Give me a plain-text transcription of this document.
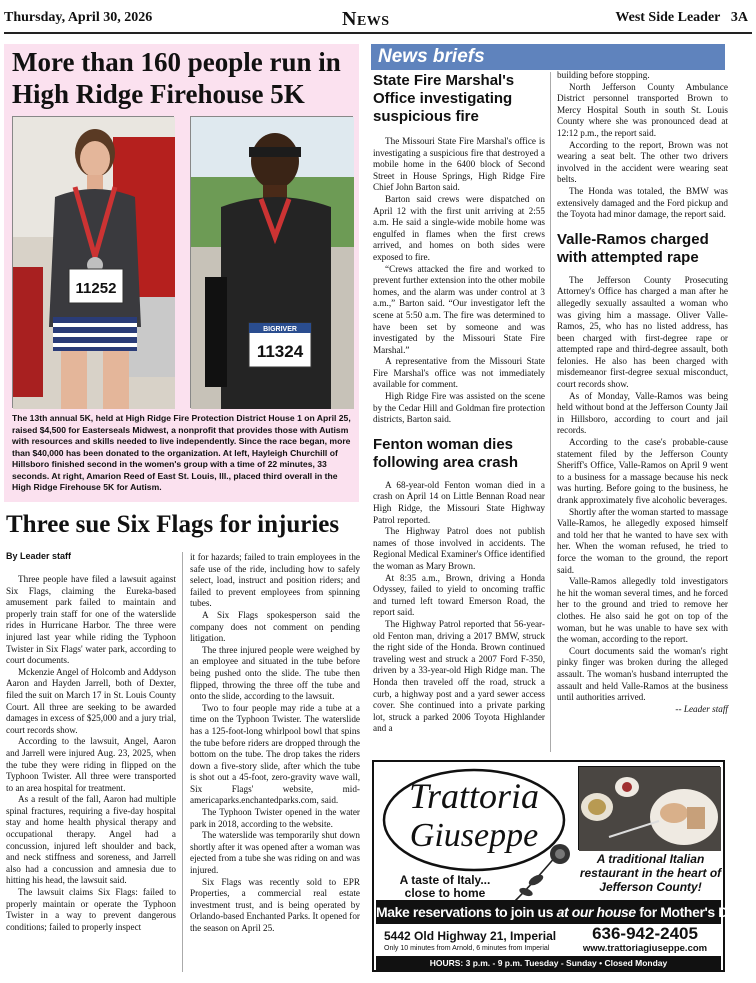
Thursday, April 30, 2026	News	West Side Leader 3A
More than 160 people run in High Ridge Firehouse 5K
11252
BIGRIVER
11324
The 13th annual 5K, held at High Ridge Fire Protection District House 1 on April 25, raised $4,500 for Easterseals Midwest, a nonprofit that provides those with Autism with resources and skills needed to live independently. Since the race began, more than $40,000 has been donated to the organization. At left, Hayleigh Churchill of Hillsboro finished second in the women's group with a time of 22 minutes, 33 seconds. At right, Amarion Reed of East St. Louis, Ill., placed third overall in the High Ridge Firehouse 5K for Autism.
Three sue Six Flags for injuries
By Leader staff

Three people have filed a lawsuit against Six Flags, claiming the Eureka-based amusement park failed to maintain and properly train staff for one of the waterslide rides in Hurricane Harbor. The three were injured last year while riding the Typhoon Twister in Six Flags' water park, according to court documents.

Mckenzie Angel of Holcomb and Addyson Aaron and Hayden Jarrell, both of Dexter, filed the suit on March 17 in St. Louis County Court. All three are seeking to be awarded damages in excess of $25,000 and a jury trial, court records show.

According to the lawsuit, Angel, Aaron and Jarrell were injured Aug. 23, 2025, when the tube they were riding in flipped on the Typhoon Twister. All three were transported to an area hospital for treatment.

As a result of the fall, Aaron had multiple spinal fractures, requiring a five-day hospital stay and home health physical therapy and occupational therapy. Angel had a concussion, injured left shoulder and back, and neck stiffness and soreness, and Jarrell also had a concussion and amnesia due to hitting his head, the lawsuit said.

The lawsuit claims Six Flags: failed to properly maintain or operate the Typhoon Twister in a way to prevent dangerous conditions; failed to properly inspect

it for hazards; failed to train employees in the safe use of the ride, including how to safely select, load, instruct and position riders; and failed to prevent employees from spinning tubes.

A Six Flags spokesperson said the company does not comment on pending litigation.

The three injured people were weighed by an employee and situated in the tube before being pushed onto the slide. The tube then flipped, throwing the three off the tube and onto the slide, according to the lawsuit.

Two to four people may ride a tube at a time on the Typhoon Twister. The waterslide has a 125-foot-long whirlpool bowl that spins the tube before riders are dropped through the bottom on the tube. The drop takes the riders down a five-story slide, after which the tube is shot out a 45-foot, zero-gravity wave wall, Six Flags' website, mid-americaparks.enchantedparks.com, said.

The Typhoon Twister opened in the water park in 2018, according to the website.

The waterslide was temporarily shut down shortly after it was opened after a woman was ejected from a tube she was riding on and was injured.

Six Flags was recently sold to EPR Properties, a commercial real estate investment trust, and is being operated by Orlando-based Enchanted Parks. It opened for the season on April 25.

News briefs
State Fire Marshal's Office investigating suspicious fire

The Missouri State Fire Marshal's office is investigating a suspicious fire that destroyed a mobile home in the 6400 block of Second Street in House Springs, High Ridge Fire Chief John Barton said.

Barton said crews were dispatched on April 12 with the first unit arriving at 2:55 a.m. He said a single-wide mobile home was engulfed in flames when the first crews arrived, and homes on both sides were exposed to fire.

“Crews attacked the fire and worked to prevent further extension into the other mobile homes, and the alarm was under control at 3 a.m.,” Barton said. “Our investigator left the scene at 5:50 a.m. The fire was determined to have been set by someone and was investigated by the Missouri State Fire Marshal.”

A representative from the Missouri State Fire Marshal's office was not immediately available for comment.

High Ridge Fire was assisted on the scene by the Cedar Hill and Goldman fire protection districts, Barton said.

Fenton woman dies following area crash

A 68-year-old Fenton woman died in a crash on April 14 on Little Bennan Road near High Ridge, the Missouri State Highway Patrol reported.

The Highway Patrol does not publish names of those involved in accidents. The Regional Medical Examiner's Office identified the woman as Mary Brown.

At 8:35 a.m., Brown, driving a Honda Odyssey, failed to yield to oncoming traffic and turned left toward Emerson Road, the report said.

The Highway Patrol reported that 56-year-old Fenton man, driving a 2017 BMW, struck the right side of the Honda. Brown continued traveling west and struck a 2007 Ford F-350, driven by a 33-year-old High Ridge man. The Honda then traveled off the road, struck a curb, a highway post and a yard sewer access cover. She continued into a private parking lot, struck a parked 2006 Toyota Highlander and a

building before stopping.

North Jefferson County Ambulance District personnel transported Brown to Mercy Hospital South in south St. Louis County where she was pronounced dead at 12:12 p.m., the report said.

According to the report, Brown was not wearing a seat belt. The other two drivers involved in the accident were wearing seat belts.

The Honda was totaled, the BMW was extensively damaged and the Ford pickup and the Toyota had minor damage, the report said.

Valle-Ramos charged with attempted rape

The Jefferson County Prosecuting Attorney's Office has charged a man after he allegedly sexually assaulted a woman who was giving him a massage. Oliver Valle-Ramos, 25, who has no listed address, has been charged with first-degree rape or attempted rape and third-degree assault, both felonies. He also has been charged with misdemeanor first-degree sexual misconduct, court records show.

As of Monday, Valle-Ramos was being held without bond at the Jefferson County Jail in Hillsboro, according to court and jail records.

According to the case's probable-cause statement filed by the Jefferson County Sheriff's Office, Valle-Ramos on April 9 went to a business for a massage because his neck was hurting. Before going to the business, he drank approximately five alcoholic beverages.

Shortly after the woman started to massage Valle-Ramos, he allegedly exposed himself and told her that he wanted to have sex with her. When the woman refused, he tried to force the woman to the ground, the report said.

Valle-Ramos allegedly told investigators he hit the woman several times, and he forced her to the ground and tried to remove her clothes. He also said he got on top of the woman, but he was unable to have sex with the woman, according to the report.

Court documents said the woman's right pinky finger was broken during the alleged assault. The woman's husband interrupted the assault and held Valle-Ramos at the business until authorities arrived.

-- Leader staff
Trattoria
Giuseppe
A traditional Italian restaurant in the heart of Jefferson County!
A taste of Italy... close to home
Make reservations to join us at our house for Mother's Day!
5442 Old Highway 21, Imperial
Only 10 minutes from Arnold, 6 minutes from Imperial
636-942-2405
www.trattoriagiuseppe.com
HOURS: 3 p.m. - 9 p.m. Tuesday - Sunday • Closed Monday
